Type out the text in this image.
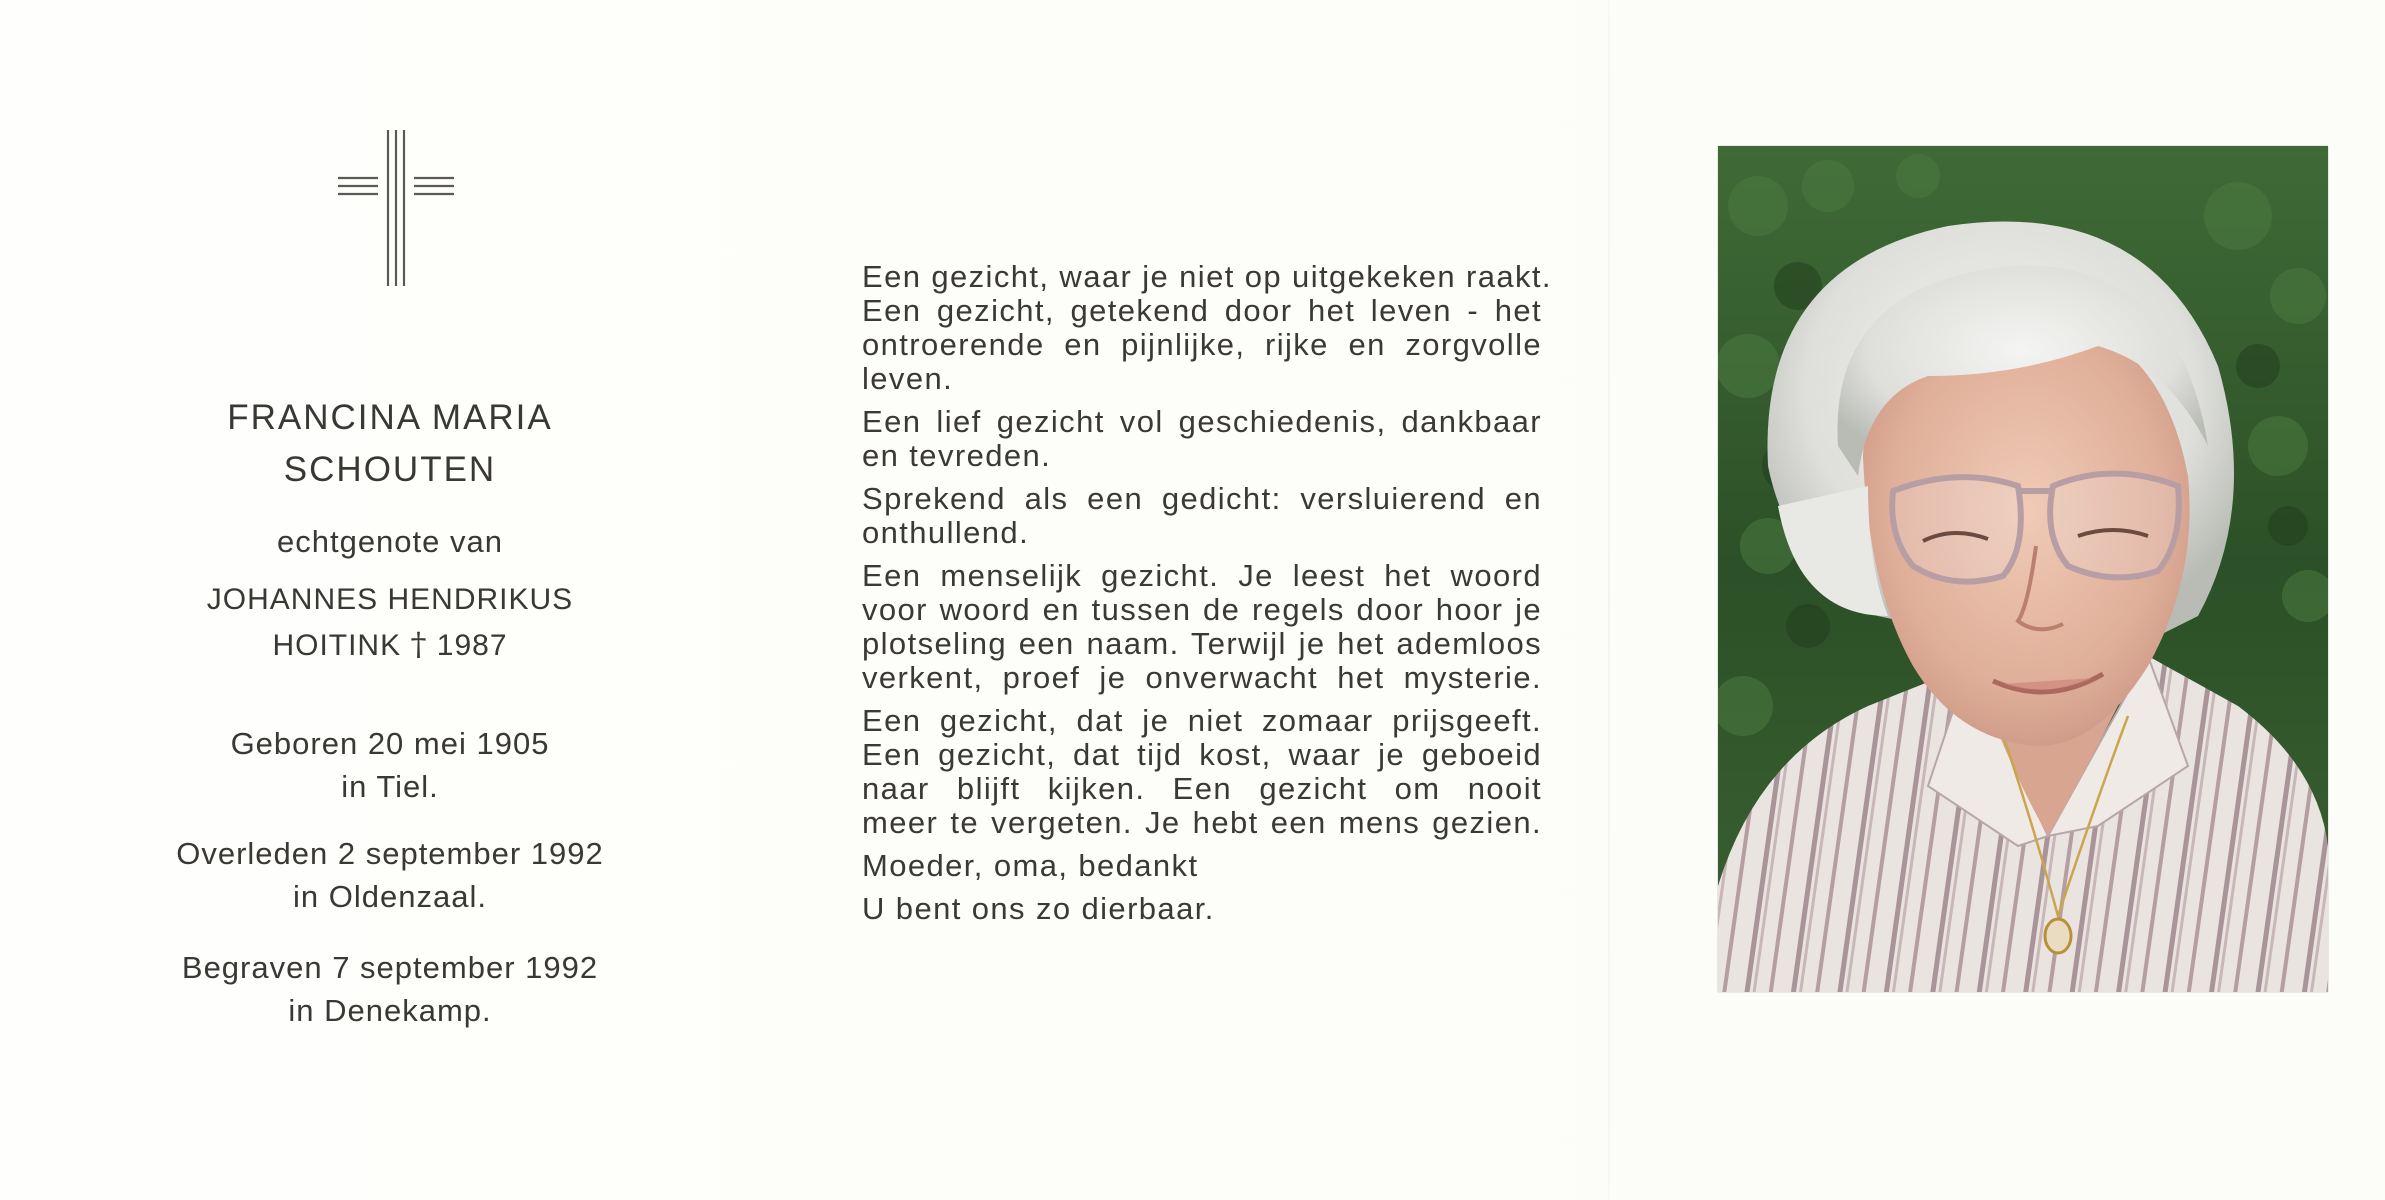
FRANCINA MARIA
SCHOUTEN
echtgenote van
JOHANNES HENDRIKUS
HOITINK † 1987
Geboren 20 mei 1905
in Tiel.
Overleden 2 september 1992
in Oldenzaal.
Begraven 7 september 1992
in Denekamp.
Een gezicht, waar je niet op uitgekeken raakt.
Een gezicht, getekend door het leven - het
ontroerende en pijnlijke, rijke en zorgvolle
leven.
Een lief gezicht vol geschiedenis, dankbaar
en tevreden.
Sprekend als een gedicht: versluierend en
onthullend.
Een menselijk gezicht. Je leest het woord
voor woord en tussen de regels door hoor je
plotseling een naam. Terwijl je het ademloos
verkent, proef je onverwacht het mysterie.
Een gezicht, dat je niet zomaar prijsgeeft.
Een gezicht, dat tijd kost, waar je geboeid
naar blijft kijken. Een gezicht om nooit
meer te vergeten. Je hebt een mens gezien.
Moeder, oma, bedankt
U bent ons zo dierbaar.
